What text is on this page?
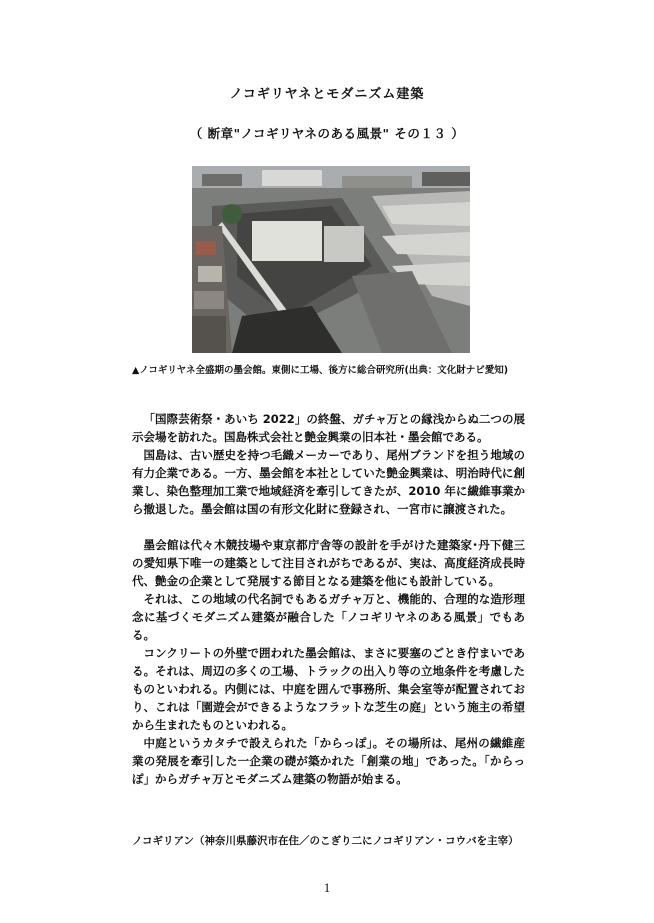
ノコギリヤネとモダニズム建築
（ 断章"ノコギリヤネのある風景" その１３ ）
▲ノコギリヤネ全盛期の墨会館。東側に工場、後方に総合研究所(出典：文化財ナビ愛知)

「国際芸術祭・あいち 2022」の終盤、ガチャ万との縁浅からぬ二つの展示会場を訪れた。国島株式会社と艶金興業の旧本社・墨会館である。

国島は、古い歴史を持つ毛織メーカーであり、尾州ブランドを担う地域の有力企業である。一方、墨会館を本社としていた艶金興業は、明治時代に創業し、染色整理加工業で地域経済を牽引してきたが、2010 年に繊維事業から撤退した。墨会館は国の有形文化財に登録され、一宮市に譲渡された。

墨会館は代々木競技場や東京都庁舎等の設計を手がけた建築家･丹下健三の愛知県下唯一の建築として注目されがちであるが、実は、高度経済成長時代、艶金の企業として発展する節目となる建築を他にも設計している。

それは、この地域の代名詞でもあるガチャ万と、機能的、合理的な造形理念に基づくモダニズム建築が融合した「ノコギリヤネのある風景」でもある。

コンクリートの外壁で囲われた墨会館は、まさに要塞のごとき佇まいである。それは、周辺の多くの工場、トラックの出入り等の立地条件を考慮したものといわれる。内側には、中庭を囲んで事務所、集会室等が配置されており、これは「園遊会ができるようなフラットな芝生の庭」という施主の希望から生まれたものといわれる。

中庭というカタチで設えられた「からっぽ」。その場所は、尾州の繊維産業の発展を牽引した一企業の礎が築かれた「創業の地」であった。「からっぽ」からガチャ万とモダニズム建築の物語が始まる。

ノコギリアン（神奈川県藤沢市在住／のこぎり二にノコギリアン・コウバを主宰）
1
